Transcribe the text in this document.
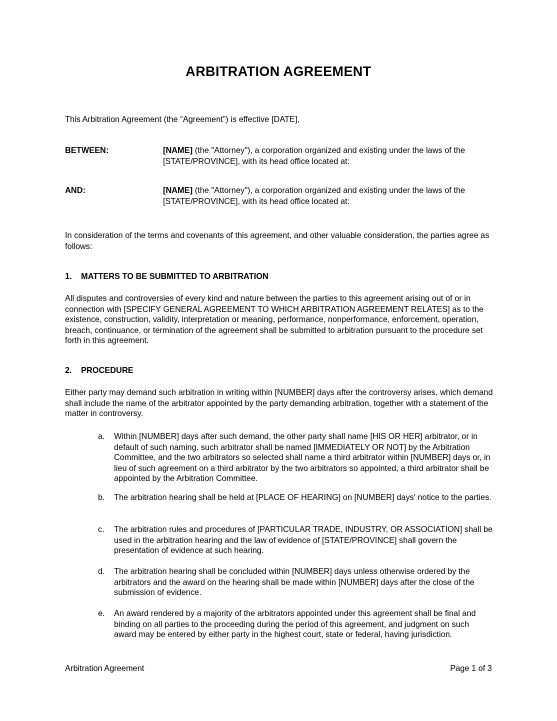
ARBITRATION AGREEMENT
This Arbitration Agreement (the “Agreement”) is effective [DATE],
BETWEEN:	[NAME] (the "Attorney"), a corporation organized and existing under the laws of the [STATE/PROVINCE], with its head office located at:
AND:	[NAME] (the "Attorney"), a corporation organized and existing under the laws of the [STATE/PROVINCE], with its head office located at:
In consideration of the terms and covenants of this agreement, and other valuable consideration, the parties agree as follows:
1. MATTERS TO BE SUBMITTED TO ARBITRATION
All disputes and controversies of every kind and nature between the parties to this agreement arising out of or in connection with [SPECIFY GENERAL AGREEMENT TO WHICH ARBITRATION AGREEMENT RELATES] as to the existence, construction, validity, interpretation or meaning, performance, nonperformance, enforcement, operation, breach, continuance, or termination of the agreement shall be submitted to arbitration pursuant to the procedure set forth in this agreement.
2. PROCEDURE
Either party may demand such arbitration in writing within [NUMBER] days after the controversy arises, which demand shall include the name of the arbitrator appointed by the party demanding arbitration, together with a statement of the matter in controversy.
a. Within [NUMBER] days after such demand, the other party shall name [HIS OR HER] arbitrator, or in default of such naming, such arbitrator shall be named [IMMEDIATELY OR NOT] by the Arbitration Committee, and the two arbitrators so selected shall name a third arbitrator within [NUMBER] days or, in lieu of such agreement on a third arbitrator by the two arbitrators so appointed, a third arbitrator shall be appointed by the Arbitration Committee.
b. The arbitration hearing shall be held at [PLACE OF HEARING] on [NUMBER] days' notice to the parties.
c. The arbitration rules and procedures of [PARTICULAR TRADE, INDUSTRY, OR ASSOCIATION] shall be used in the arbitration hearing and the law of evidence of [STATE/PROVINCE] shall govern the presentation of evidence at such hearing.
d. The arbitration hearing shall be concluded within [NUMBER] days unless otherwise ordered by the arbitrators and the award on the hearing shall be made within [NUMBER] days after the close of the submission of evidence.
e. An award rendered by a majority of the arbitrators appointed under this agreement shall be final and binding on all parties to the proceeding during the period of this agreement, and judgment on such award may be entered by either party in the highest court, state or federal, having jurisdiction.
Arbitration Agreement	Page 1 of 3
